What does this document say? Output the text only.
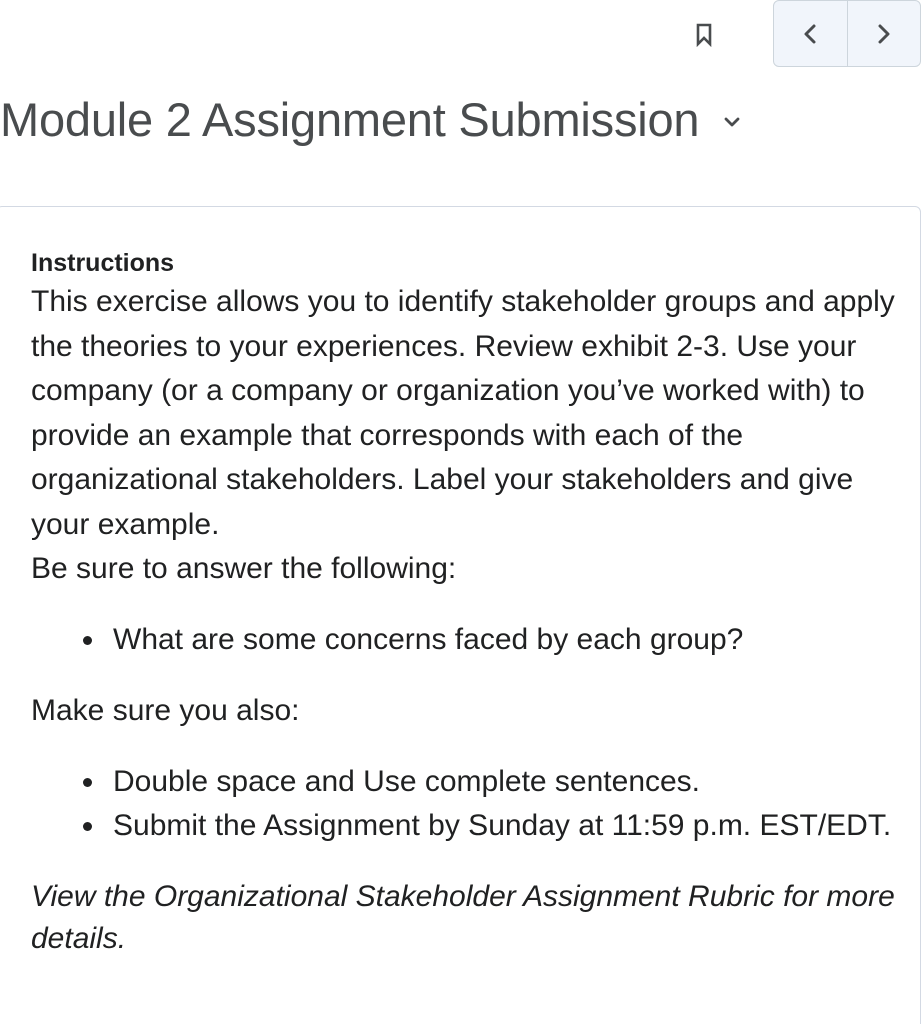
Module 2 Assignment Submission
Instructions

This exercise allows you to identify stakeholder groups and apply the theories to your experiences. Review exhibit 2-3. Use your company (or a company or organization you’ve worked with) to provide an example that corresponds with each of the organizational stakeholders. Label your stakeholders and give your example.

Be sure to answer the following:

What are some concerns faced by each group?
Make sure you also:
Double space and Use complete sentences.
Submit the Assignment by Sunday at 11:59 p.m. EST/EDT.
View the Organizational Stakeholder Assignment Rubric for more details.
